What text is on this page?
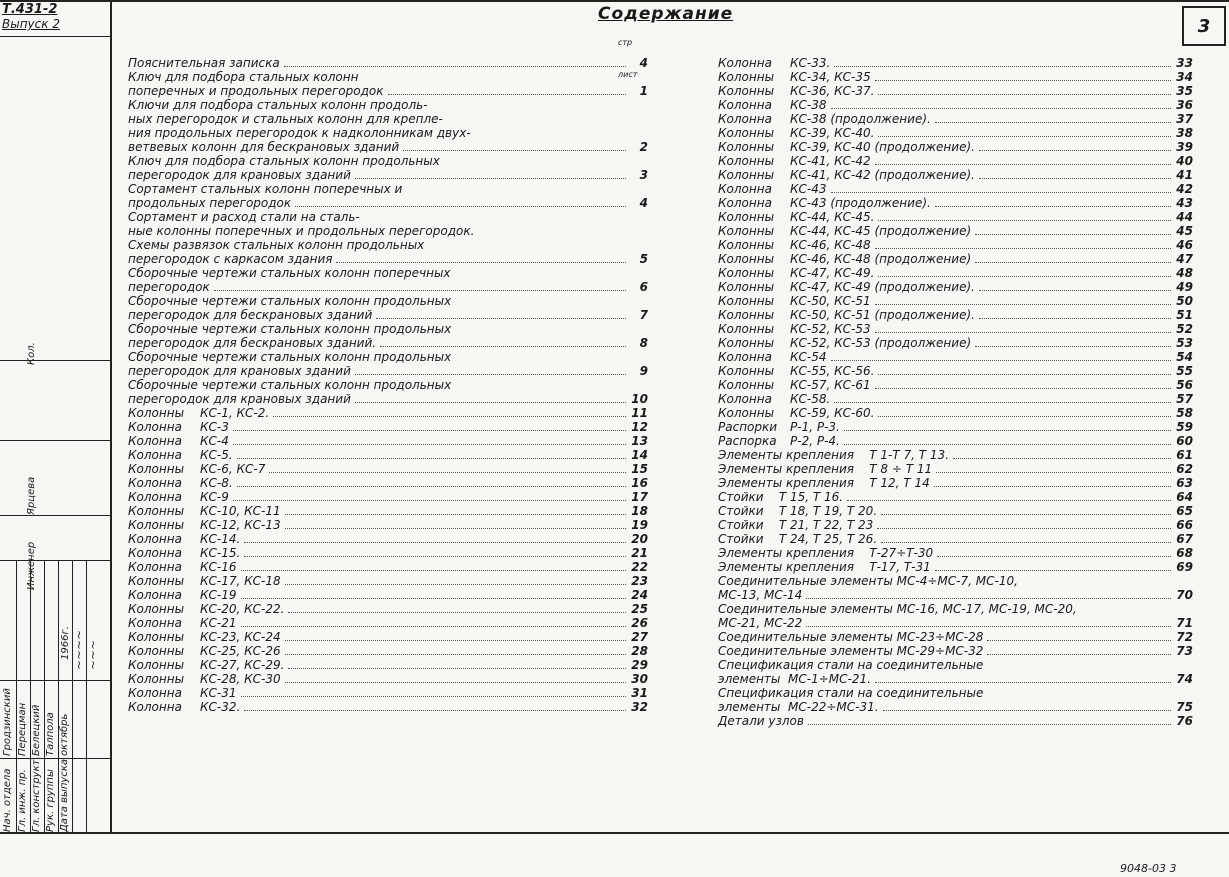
Т.431-2
Выпуск 2
Кол.
Ярцева
Инженер
Нач. отдела Гл. инж. пр. Гл. конструкт. Рук. группы Дата выпуска
Гродзинский Перецман Белецкий Талпола октябрь
~~~~ ~~~
1966г.
Содержание
3
стр
лист
Пояснительная записка	4
Ключ для подбора стальных колонн
поперечных и продольных перегородок	1
Ключи для подбора стальных колонн продоль-
ных перегородок и стальных колонн для крепле-
ния продольных перегородок к надколонникам двух-
ветвевых колонн для бескрановых зданий	2
Ключ для подбора стальных колонн продольных
перегородок для крановых зданий	3
Сортамент стальных колонн поперечных и
продольных перегородок	4
Сортамент и расход стали на сталь-
ные колонны поперечных и продольных перегородок.
Схемы развязок стальных колонн продольных
перегородок с каркасом здания	5
Сборочные чертежи стальных колонн поперечных
перегородок	6
Сборочные чертежи стальных колонн продольных
перегородок для бескрановых зданий	7
Сборочные чертежи стальных колонн продольных
перегородок для бескрановых зданий.	8
Сборочные чертежи стальных колонн продольных
перегородок для крановых зданий	9
Сборочные чертежи стальных колонн продольных
перегородок для крановых зданий	10
Колонны	КС-1, КС-2.	11
Колонна	КС-3	12
Колонна	КС-4	13
Колонна	КС-5.	14
Колонны	КС-6, КС-7	15
Колонна	КС-8.	16
Колонна	КС-9	17
Колонны	КС-10, КС-11	18
Колонны	КС-12, КС-13	19
Колонна	КС-14.	20
Колонна	КС-15.	21
Колонна	КС-16	22
Колонны	КС-17, КС-18	23
Колонна	КС-19	24
Колонны	КС-20, КС-22.	25
Колонна	КС-21	26
Колонны	КС-23, КС-24	27
Колонны	КС-25, КС-26	28
Колонны	КС-27, КС-29.	29
Колонны	КС-28, КС-30	30
Колонна	КС-31	31
Колонна	КС-32.	32
Колонна	КС-33.	33
Колонны	КС-34, КС-35	34
Колонны	КС-36, КС-37.	35
Колонна	КС-38	36
Колонна	КС-38 (продолжение).	37
Колонны	КС-39, КС-40.	38
Колонны	КС-39, КС-40 (продолжение).	39
Колонны	КС-41, КС-42	40
Колонны	КС-41, КС-42 (продолжение).	41
Колонна	КС-43	42
Колонна	КС-43 (продолжение).	43
Колонны	КС-44, КС-45.	44
Колонны	КС-44, КС-45 (продолжение)	45
Колонны	КС-46, КС-48	46
Колонны	КС-46, КС-48 (продолжение)	47
Колонны	КС-47, КС-49.	48
Колонны	КС-47, КС-49 (продолжение).	49
Колонны	КС-50, КС-51	50
Колонны	КС-50, КС-51 (продолжение).	51
Колонны	КС-52, КС-53	52
Колонны	КС-52, КС-53 (продолжение)	53
Колонна	КС-54	54
Колонны	КС-55, КС-56.	55
Колонны	КС-57, КС-61	56
Колонна	КС-58.	57
Колонны	КС-59, КС-60.	58
Распорки	Р-1, Р-3.	59
Распорка	Р-2, Р-4.	60
Элементы крепления    Т 1-Т 7, Т 13.	61
Элементы крепления    Т 8 ÷ Т 11	62
Элементы крепления    Т 12, Т 14	63
Стойки    Т 15, Т 16.	64
Стойки    Т 18, Т 19, Т 20.	65
Стойки    Т 21, Т 22, Т 23	66
Стойки    Т 24, Т 25, Т 26.	67
Элементы крепления    Т-27÷Т-30	68
Элементы крепления    Т-17, Т-31	69
Соединительные элементы МС-4÷МС-7, МС-10,
МС-13, МС-14	70
Соединительные элементы МС-16, МС-17, МС-19, МС-20,
МС-21, МС-22	71
Соединительные элементы МС-23÷МС-28	72
Соединительные элементы МС-29÷МС-32	73
Спецификация стали на соединительные
элементы  МС-1÷МС-21.	74
Спецификация стали на соединительные
элементы  МС-22÷МС-31.	75
Детали узлов	76
9048-03 3
